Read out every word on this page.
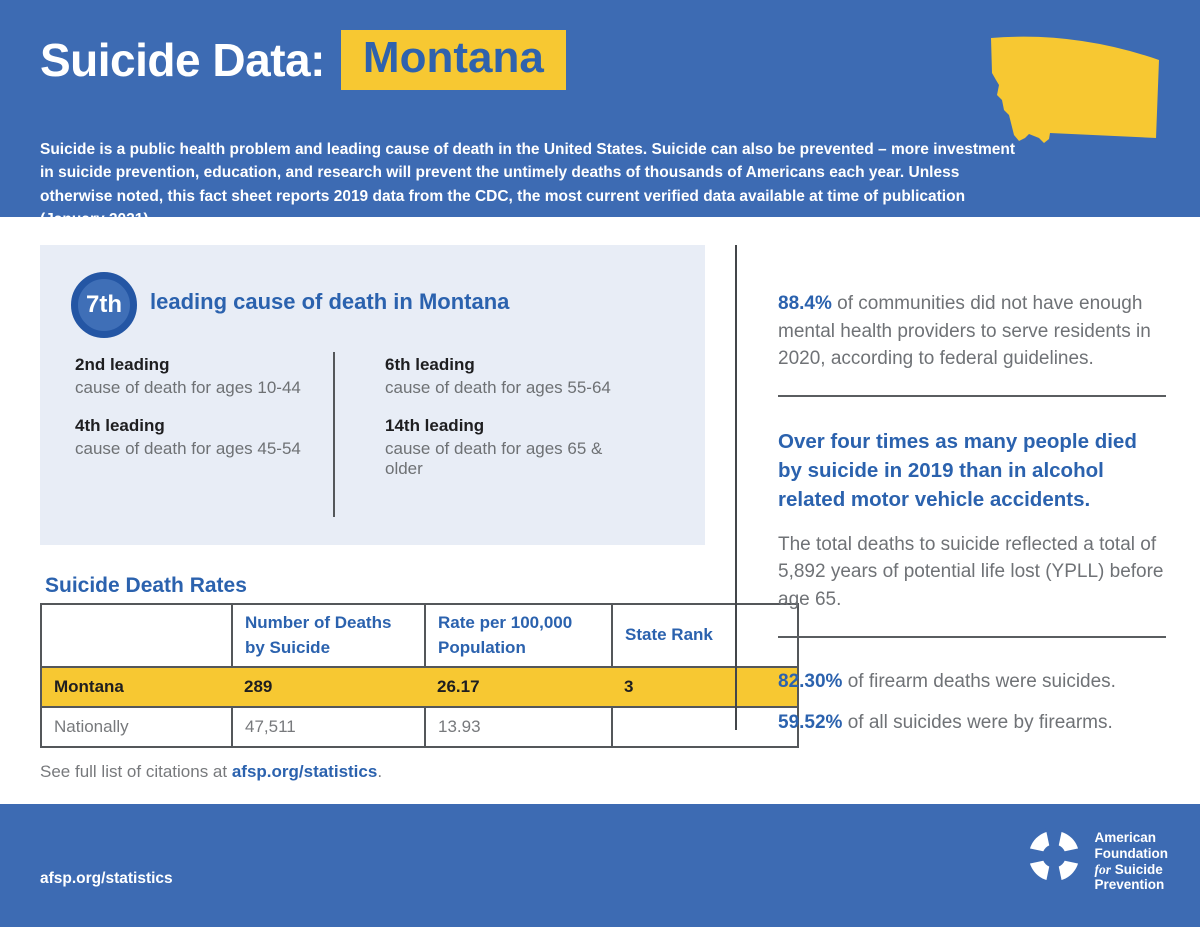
Suicide Data: Montana

Suicide is a public health problem and leading cause of death in the United States. Suicide can also be prevented – more investment in suicide prevention, education, and research will prevent the untimely deaths of thousands of Americans each year. Unless otherwise noted, this fact sheet reports 2019 data from the CDC, the most current verified data available at time of publication (January 2021).

7th	leading cause of death in Montana
2nd leading
cause of death for ages 10-44
4th leading
cause of death for ages 45-54
6th leading
cause of death for ages 55-64
14th leading
cause of death for ages 65 & older
Suicide Death Rates
	Number of Deaths by Suicide	Rate per 100,000 Population	State Rank
Montana	289	26.17	3
Nationally	47,511	13.93	
See full list of citations at afsp.org/statistics.

88.4% of communities did not have enough mental health providers to serve residents in 2020, according to federal guidelines.

Over four times as many people died by suicide in 2019 than in alcohol related motor vehicle accidents.

The total deaths to suicide reflected a total of 5,892 years of potential life lost (YPLL) before age 65.

82.30% of firearm deaths were suicides.

59.52% of all suicides were by firearms.

afsp.org/statistics
American
Foundation
for Suicide
Prevention
